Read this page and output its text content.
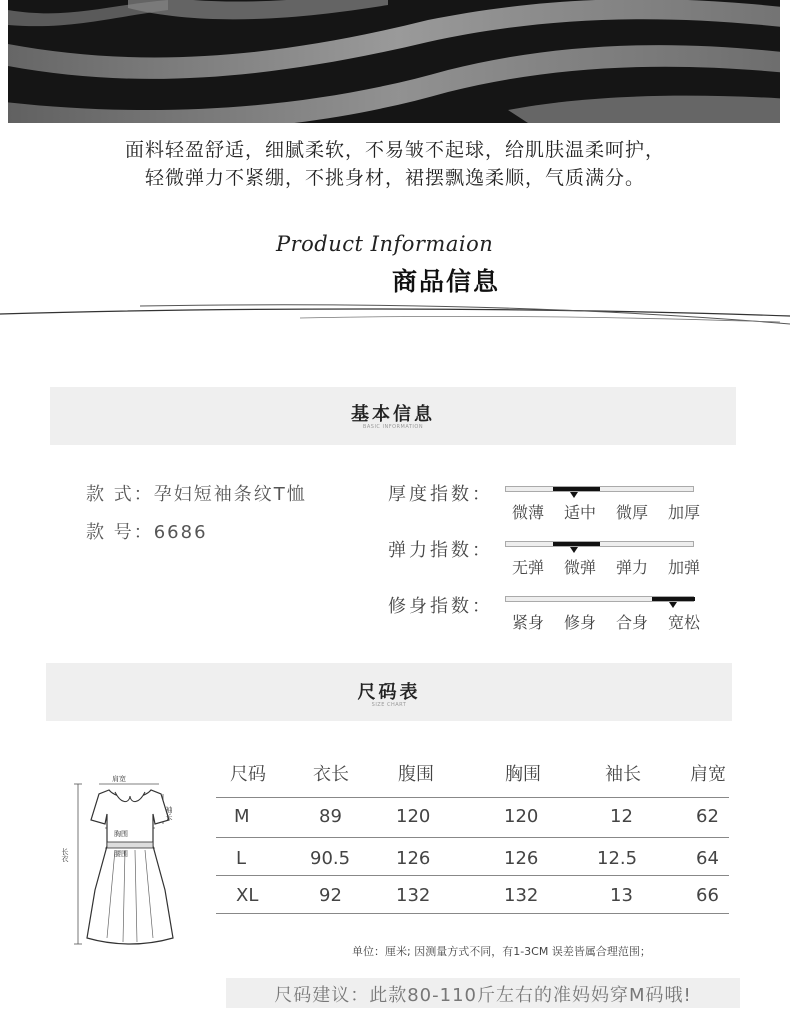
面料轻盈舒适，细腻柔软，不易皱不起球，给肌肤温柔呵护，
轻微弹力不紧绷，不挑身材，裙摆飘逸柔顺，气质满分。
Product Informaion
商品信息
基本信息
BASIC INFORMATION
款 式：孕妇短袖条纹T恤
款 号：6686
厚度指数：
微薄	适中	微厚	加厚
弹力指数：
无弹	微弹	弹力	加弹
修身指数：
紧身	修身	合身	宽松
尺码表
SIZE CHART
肩宽
袖长
胸围
腰围
长衣
尺码	衣长	腹围	胸围	袖长	肩宽
M	89	120	120	12	62
L	90.5	126	126	12.5	64
XL	92	132	132	13	66
单位：厘米; 因测量方式不同，有1-3CM 误差皆属合理范围；
尺码建议：此款80-110斤左右的准妈妈穿M码哦!
